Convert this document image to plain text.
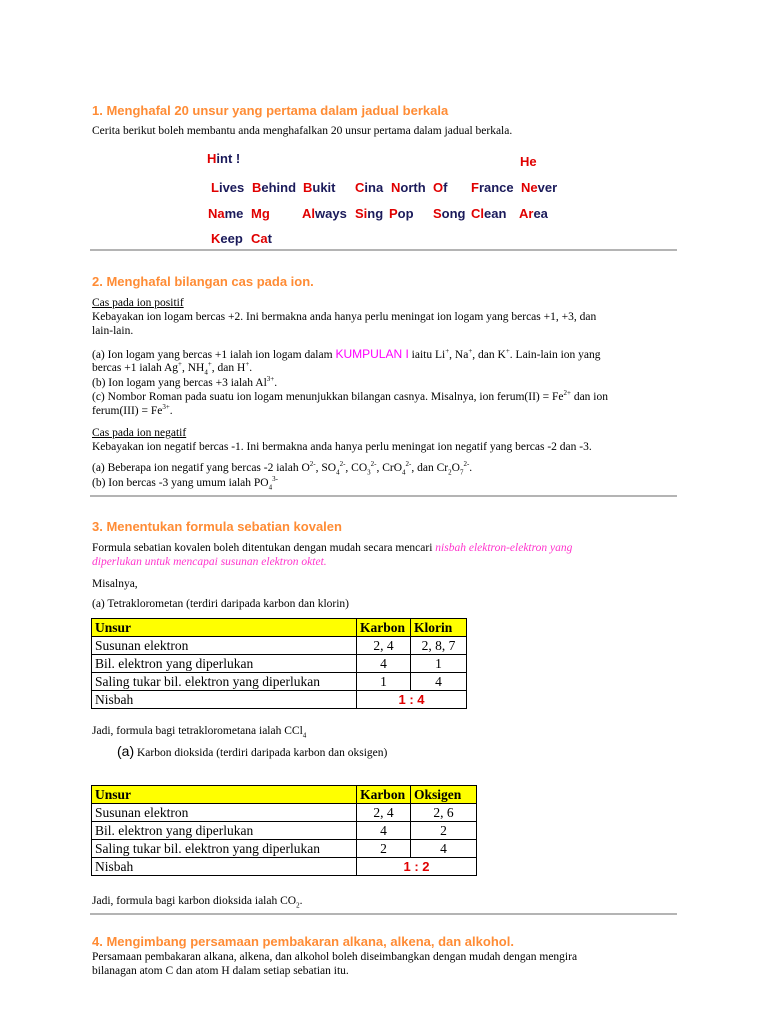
1. Menghafal 20 unsur yang pertama dalam jadual berkala
Cerita berikut boleh membantu anda menghafalkan 20 unsur pertama dalam jadual berkala.
Hint !	He
Lives Behind Bukit Cina North Of France Never
Name Mg Always Sing Pop Song Clean Area
Keep Cat
2. Menghafal bilangan cas pada ion.
Cas pada ion positif
Kebayakan ion logam bercas +2. Ini bermakna anda hanya perlu meningat ion logam yang bercas +1, +3, dan
lain-lain.
(a) Ion logam yang bercas +1 ialah ion logam dalam KUMPULAN I iaitu Li+, Na+, dan K+. Lain-lain ion yang
bercas +1 ialah Ag+, $NH_4^+$, dan H+.
(b) Ion logam yang bercas +3 ialah $Al^{3+}$.
(c) Nombor Roman pada suatu ion logam menunjukkan bilangan casnya. Misalnya, ion ferum(II) = $Fe^{2+}$ dan ion
ferum(III) = $Fe^{3+}$.
Cas pada ion negatif
Kebayakan ion negatif bercas -1. Ini bermakna anda hanya perlu meningat ion negatif yang bercas -2 dan -3.
(a) Beberapa ion negatif yang bercas -2 ialah $O^{2-}$, $SO_4^{2-}$, $CO_3^{2-}$, CrO$_4^{2-}$, dan $Cr_2O_7^{2-}$.
(b) Ion bercas -3 yang umum ialah $PO_4^{3-}$
3. Menentukan formula sebatian kovalen
Formula sebatian kovalen boleh ditentukan dengan mudah secara mencari nisbah elektron-elektron yang
diperlukan untuk mencapai susunan elektron oktet.
Misalnya,
(a) Tetraklorometan (terdiri daripada karbon dan klorin)
Unsur	Karbon	Klorin
Susunan elektron	2, 4	2, 8, 7
Bil. elektron yang diperlukan	4	1
Saling tukar bil. elektron yang diperlukan	1	4
Nisbah	1 : 4	
Jadi, formula bagi tetraklorometana ialah CCl$_4$
(a) Karbon dioksida (terdiri daripada karbon dan oksigen)
Unsur	Karbon	Oksigen
Susunan elektron	2, 4	2, 6
Bil. elektron yang diperlukan	4	2
Saling tukar bil. elektron yang diperlukan	2	4
Nisbah	1 : 2	
Jadi, formula bagi karbon dioksida ialah $CO_2$.
4. Mengimbang persamaan pembakaran alkana, alkena, dan alkohol.
Persamaan pembakaran alkana, alkena, dan alkohol boleh diseimbangkan dengan mudah dengan mengira
bilanagan atom C dan atom H dalam setiap sebatian itu.
